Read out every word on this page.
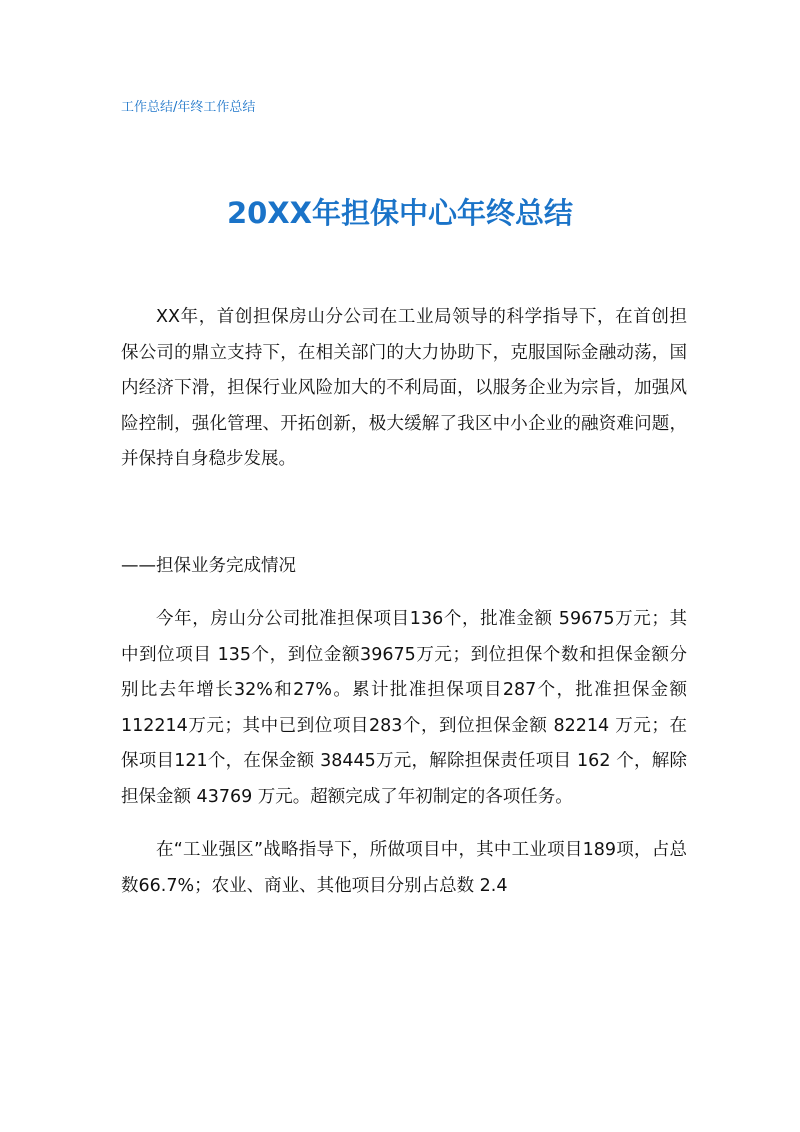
工作总结/年终工作总结
20XX年担保中心年终总结

XX年，首创担保房山分公司在工业局领导的科学指导下，在首创担保公司的鼎立支持下，在相关部门的大力协助下，克服国际金融动荡，国内经济下滑，担保行业风险加大的不利局面，以服务企业为宗旨，加强风险控制，强化管理、开拓创新，极大缓解了我区中小企业的融资难问题，并保持自身稳步发展。

——担保业务完成情况

今年，房山分公司批准担保项目136个，批准金额 59675万元；其中到位项目 135个，到位金额39675万元；到位担保个数和担保金额分别比去年增长32%和27%。累计批准担保项目287个，批准担保金额112214万元；其中已到位项目283个，到位担保金额 82214 万元；在保项目121个，在保金额 38445万元，解除担保责任项目 162 个，解除担保金额 43769 万元。超额完成了年初制定的各项任务。

在“工业强区”战略指导下，所做项目中，其中工业项目189项，占总数66.7%；农业、商业、其他项目分别占总数 2.4
